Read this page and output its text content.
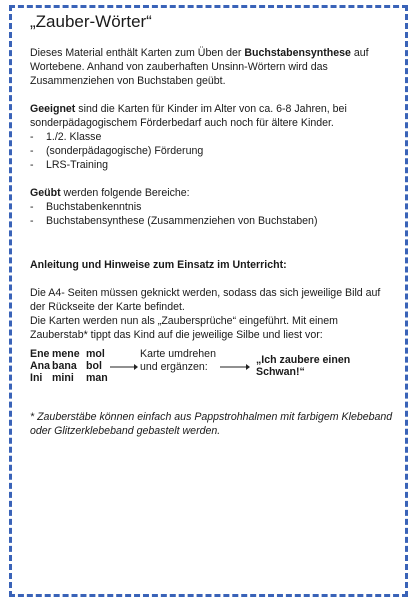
„Zauber-Wörter“

Dieses Material enthält Karten zum Üben der Buchstabensynthese auf Wortebene. Anhand von zauberhaften Unsinn-Wörtern wird das Zusammenziehen von Buchstaben geübt.

Geeignet sind die Karten für Kinder im Alter von ca. 6-8 Jahren, bei sonderpädagogischem Förderbedarf auch noch für ältere Kinder.

- 1./2. Klasse
- (sonderpädagogische) Förderung
- LRS-Training

Geübt werden folgende Bereiche:

- Buchstabenkenntnis
- Buchstabensynthese (Zusammenziehen von Buchstaben)

Anleitung und Hinweise zum Einsatz im Unterricht:

Die A4- Seiten müssen geknickt werden, sodass das sich jeweilige Bild auf der Rückseite der Karte befindet.

Die Karten werden nun als „Zaubersprüche“ eingeführt. Mit einem Zauberstab* tippt das Kind auf die jeweilige Silbe und liest vor:

Ene mene mol
Ana bana bol
Ini mini	man
Karte umdrehen
und ergänzen:
„Ich zaubere einen Schwan!“

* Zauberstäbe können einfach aus Pappstrohhalmen mit farbigem Klebeband oder Glitzerklebeband gebastelt werden.
